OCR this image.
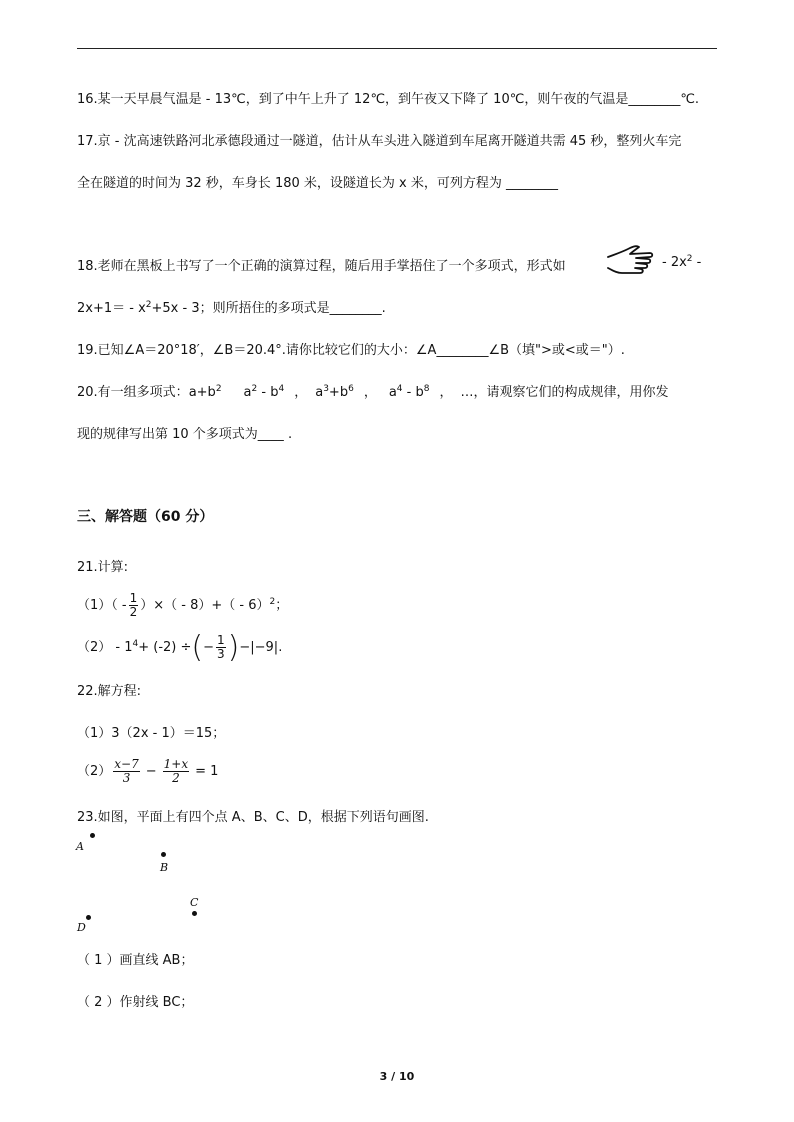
16.某一天早晨气温是 - 13℃，到了中午上升了 12℃，到午夜又下降了 10℃，则午夜的气温是________℃.
17.京 - 沈高速铁路河北承德段通过一隧道，估计从车头进入隧道到车尾离开隧道共需 45 秒，整列火车完
全在隧道的时间为 32 秒，车身长 180 米，设隧道长为 x 米，可列方程为 ________
18.老师在黑板上书写了一个正确的演算过程，随后用手掌捂住了一个多项式，形式如	- $2x^2$ -
$2x+1= - x^2+5x - 3$；则所捂住的多项式是________.
19.已知∠A＝20°18′，∠B＝20.4°.请你比较它们的大小：∠A________∠B（填">或<或＝"）.
20.有一组多项式：$a+b^2$ $a^2 - b^4$ ， $a^3+b^6$ ， $a^4 - b^8$ ， …，请观察它们的构成规律，用你发
现的规律写出第 10 个多项式为____ .
三、解答题（60 分）
21.计算:
$(1)( - \frac{1}{2}$ ）×（ - 8）+（ - 6）$^2$；
$(2) - 1^4+ (-2)$ ÷(− $\frac{1}{3} )-|-9|$.
22.解方程:
（1）3（2x - 1）＝15；
$(2) \frac{x-7}{3} - \frac{1+x}{2} = 1$
23.如图，平面上有四个点 A、B、C、D，根据下列语句画图.
A
B
C
D
（ 1 ）画直线 AB；
（ 2 ）作射线 BC；
3 / 10
